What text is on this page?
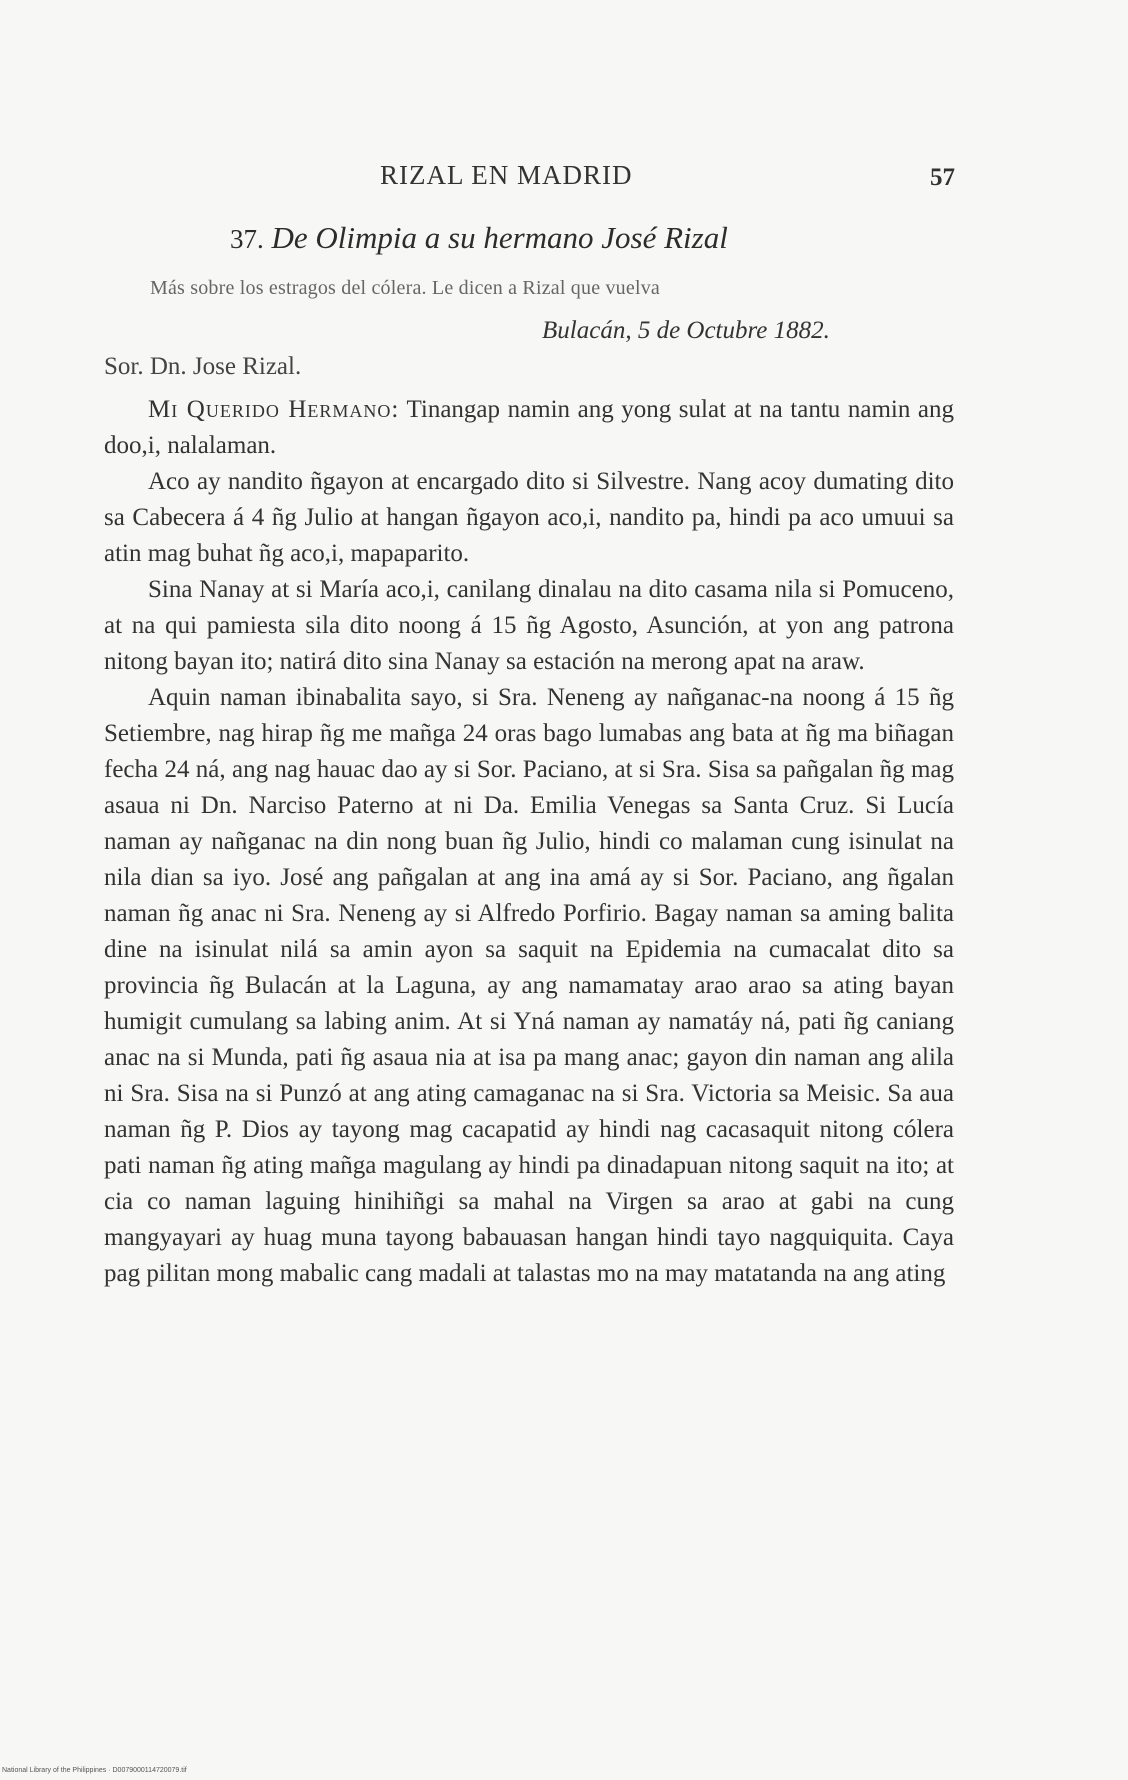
RIZAL EN MADRID	57
37. De Olimpia a su hermano José Rizal
Más sobre los estragos del cólera. Le dicen a Rizal que vuelva
Bulacán, 5 de Octubre 1882.
Sor. Dn. Jose Rizal.

Mi Querido Hermano: Tinangap namin ang yong sulat at na tantu namin ang doo,i, nalalaman.

Aco ay nandito ñgayon at encargado dito si Silvestre. Nang acoy dumating dito sa Cabecera á 4 ñg Julio at hangan ñgayon aco,i, nandito pa, hindi pa aco umuui sa atin mag buhat ñg aco,i, mapaparito.

Sina Nanay at si María aco,i, canilang dinalau na dito casama nila si Pomuceno, at na qui pamiesta sila dito noong á 15 ñg Agosto, Asunción, at yon ang patrona nitong bayan ito; natirá dito sina Nanay sa estación na merong apat na araw.

Aquin naman ibinabalita sayo, si Sra. Neneng ay nañganac-na noong á 15 ñg Setiembre, nag hirap ñg me mañga 24 oras bago lumabas ang bata at ñg ma biñagan fecha 24 ná, ang nag hauac dao ay si Sor. Paciano, at si Sra. Sisa sa pañgalan ñg mag asaua ni Dn. Narciso Paterno at ni Da. Emilia Venegas sa Santa Cruz. Si Lucía naman ay nañganac na din nong buan ñg Julio, hindi co malaman cung isinulat na nila dian sa iyo. José ang pañgalan at ang ina amá ay si Sor. Paciano, ang ñgalan naman ñg anac ni Sra. Neneng ay si Alfredo Porfirio. Bagay naman sa aming balita dine na isinulat nilá sa amin ayon sa saquit na Epidemia na cumacalat dito sa provincia ñg Bulacán at la Laguna, ay ang namamatay arao arao sa ating bayan humigit cumulang sa labing anim. At si Yná naman ay namatáy ná, pati ñg caniang anac na si Munda, pati ñg asaua nia at isa pa mang anac; gayon din naman ang alila ni Sra. Sisa na si Punzó at ang ating camaganac na si Sra. Victoria sa Meisic. Sa aua naman ñg P. Dios ay tayong mag cacapatid ay hindi nag cacasaquit nitong cólera pati naman ñg ating mañga magulang ay hindi pa dinadapuan nitong saquit na ito; at cia co naman laguing hinihiñgi sa mahal na Virgen sa arao at gabi na cung mangyayari ay huag muna tayong babauasan hangan hindi tayo nagquiquita. Caya pag pilitan mong mabalic cang madali at talastas mo na may matatanda na ang ating

National Library of the Philippines · D0079000114720079.tif
